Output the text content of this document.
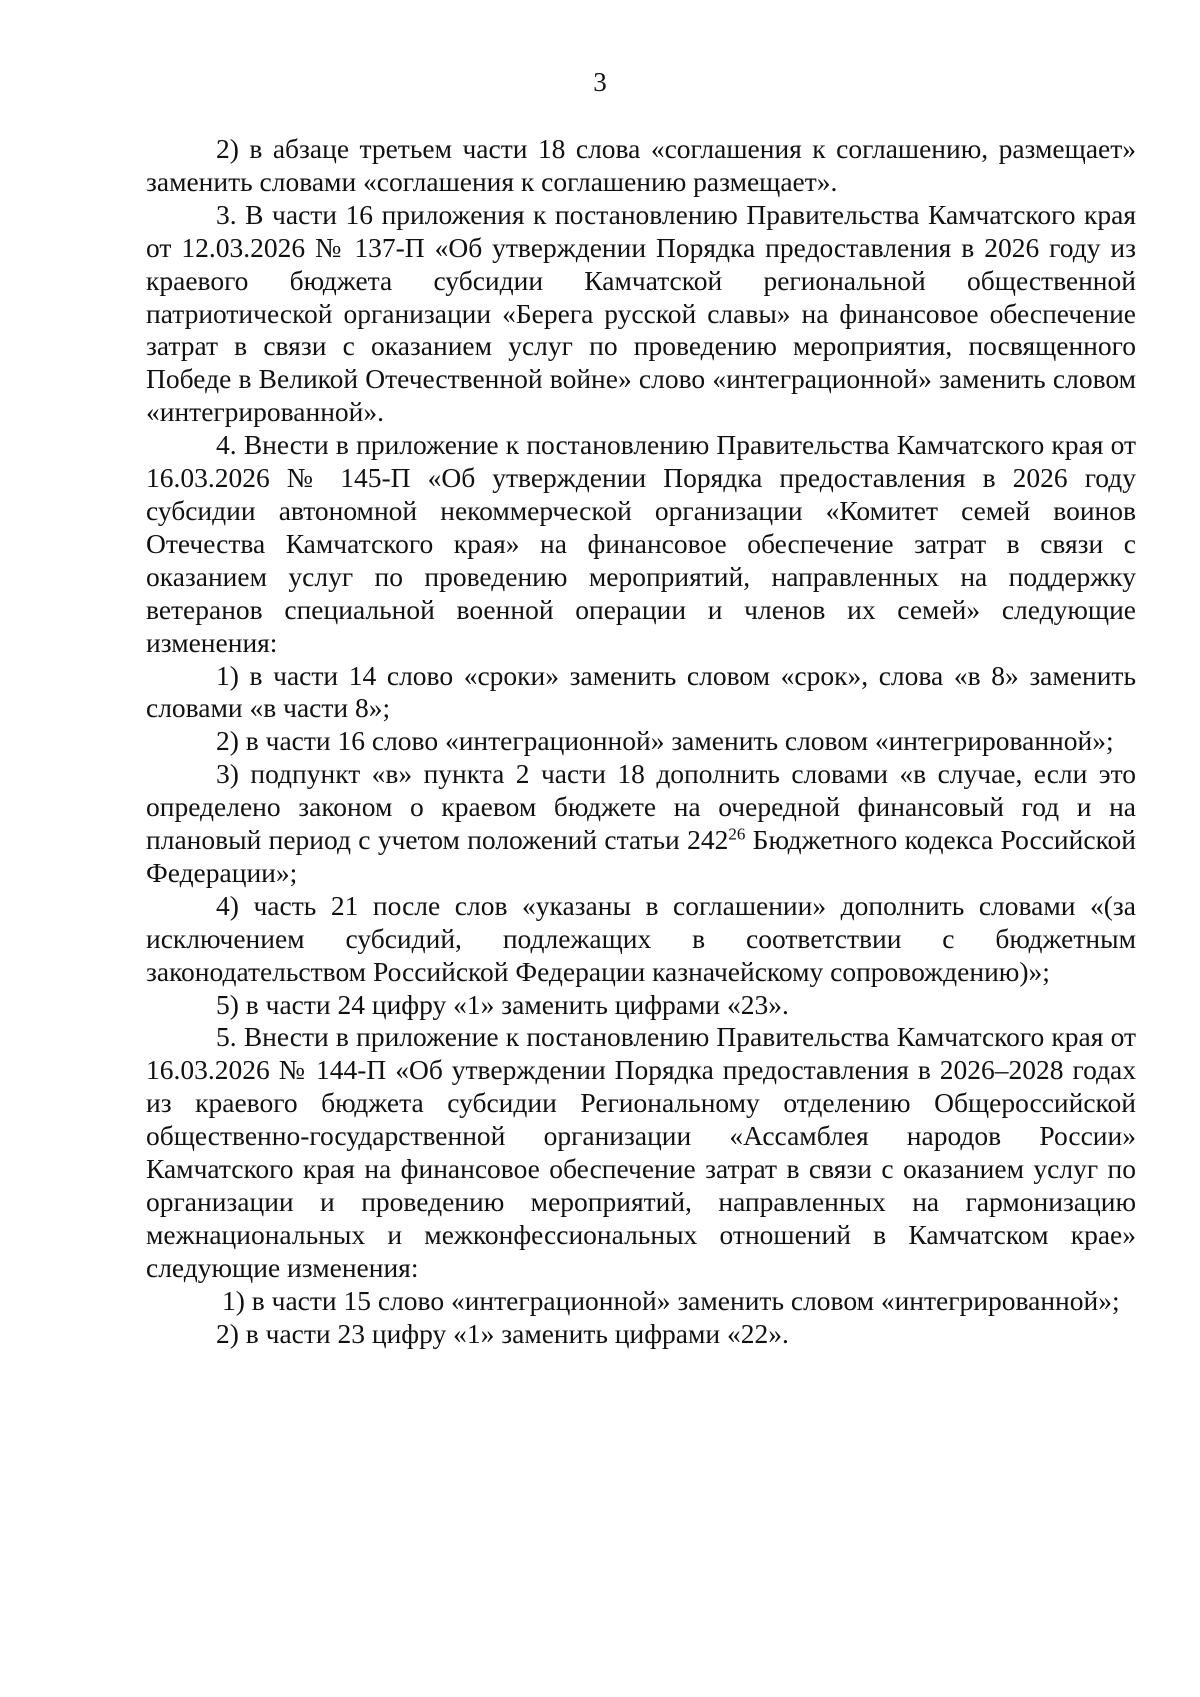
3

2) в абзаце третьем части 18 слова «соглашения к соглашению, размещает» заменить словами «соглашения к соглашению размещает».

3. В части 16 приложения к постановлению Правительства Камчатского края от 12.03.2026 № 137-П «Об утверждении Порядка предоставления в 2026 году из краевого бюджета субсидии Камчатской региональной общественной патриотической организации «Берега русской славы» на финансовое обеспечение затрат в связи с оказанием услуг по проведению мероприятия, посвященного Победе в Великой Отечественной войне» слово «интеграционной» заменить словом «интегрированной».

4. Внести в приложение к постановлению Правительства Камчатского края от 16.03.2026 № 145-П «Об утверждении Порядка предоставления в 2026 году субсидии автономной некоммерческой организации «Комитет семей воинов Отечества Камчатского края» на финансовое обеспечение затрат в связи с оказанием услуг по проведению мероприятий, направленных на поддержку ветеранов специальной военной операции и членов их семей» следующие изменения:

1) в части 14 слово «сроки» заменить словом «срок», слова «в 8» заменить словами «в части 8»;

2) в части 16 слово «интеграционной» заменить словом «интегрированной»;

3) подпункт «в» пункта 2 части 18 дополнить словами «в случае, если это определено законом о краевом бюджете на очередной финансовый год и на плановый период с учетом положений статьи $242^{26}$ Бюджетного кодекса Российской Федерации»;

4) часть 21 после слов «указаны в соглашении» дополнить словами «(за исключением субсидий, подлежащих в соответствии с бюджетным законодательством Российской Федерации казначейскому сопровождению)»;

5) в части 24 цифру «1» заменить цифрами «23».

5. Внести в приложение к постановлению Правительства Камчатского края от 16.03.2026 № 144-П «Об утверждении Порядка предоставления в 2026–2028 годах из краевого бюджета субсидии Региональному отделению Общероссийской общественно-государственной организации «Ассамблея народов России» Камчатского края на финансовое обеспечение затрат в связи с оказанием услуг по организации и проведению мероприятий, направленных на гармонизацию межнациональных и межконфессиональных отношений в Камчатском крае» следующие изменения:

1) в части 15 слово «интеграционной» заменить словом «интегрированной»;

2) в части 23 цифру «1» заменить цифрами «22».
